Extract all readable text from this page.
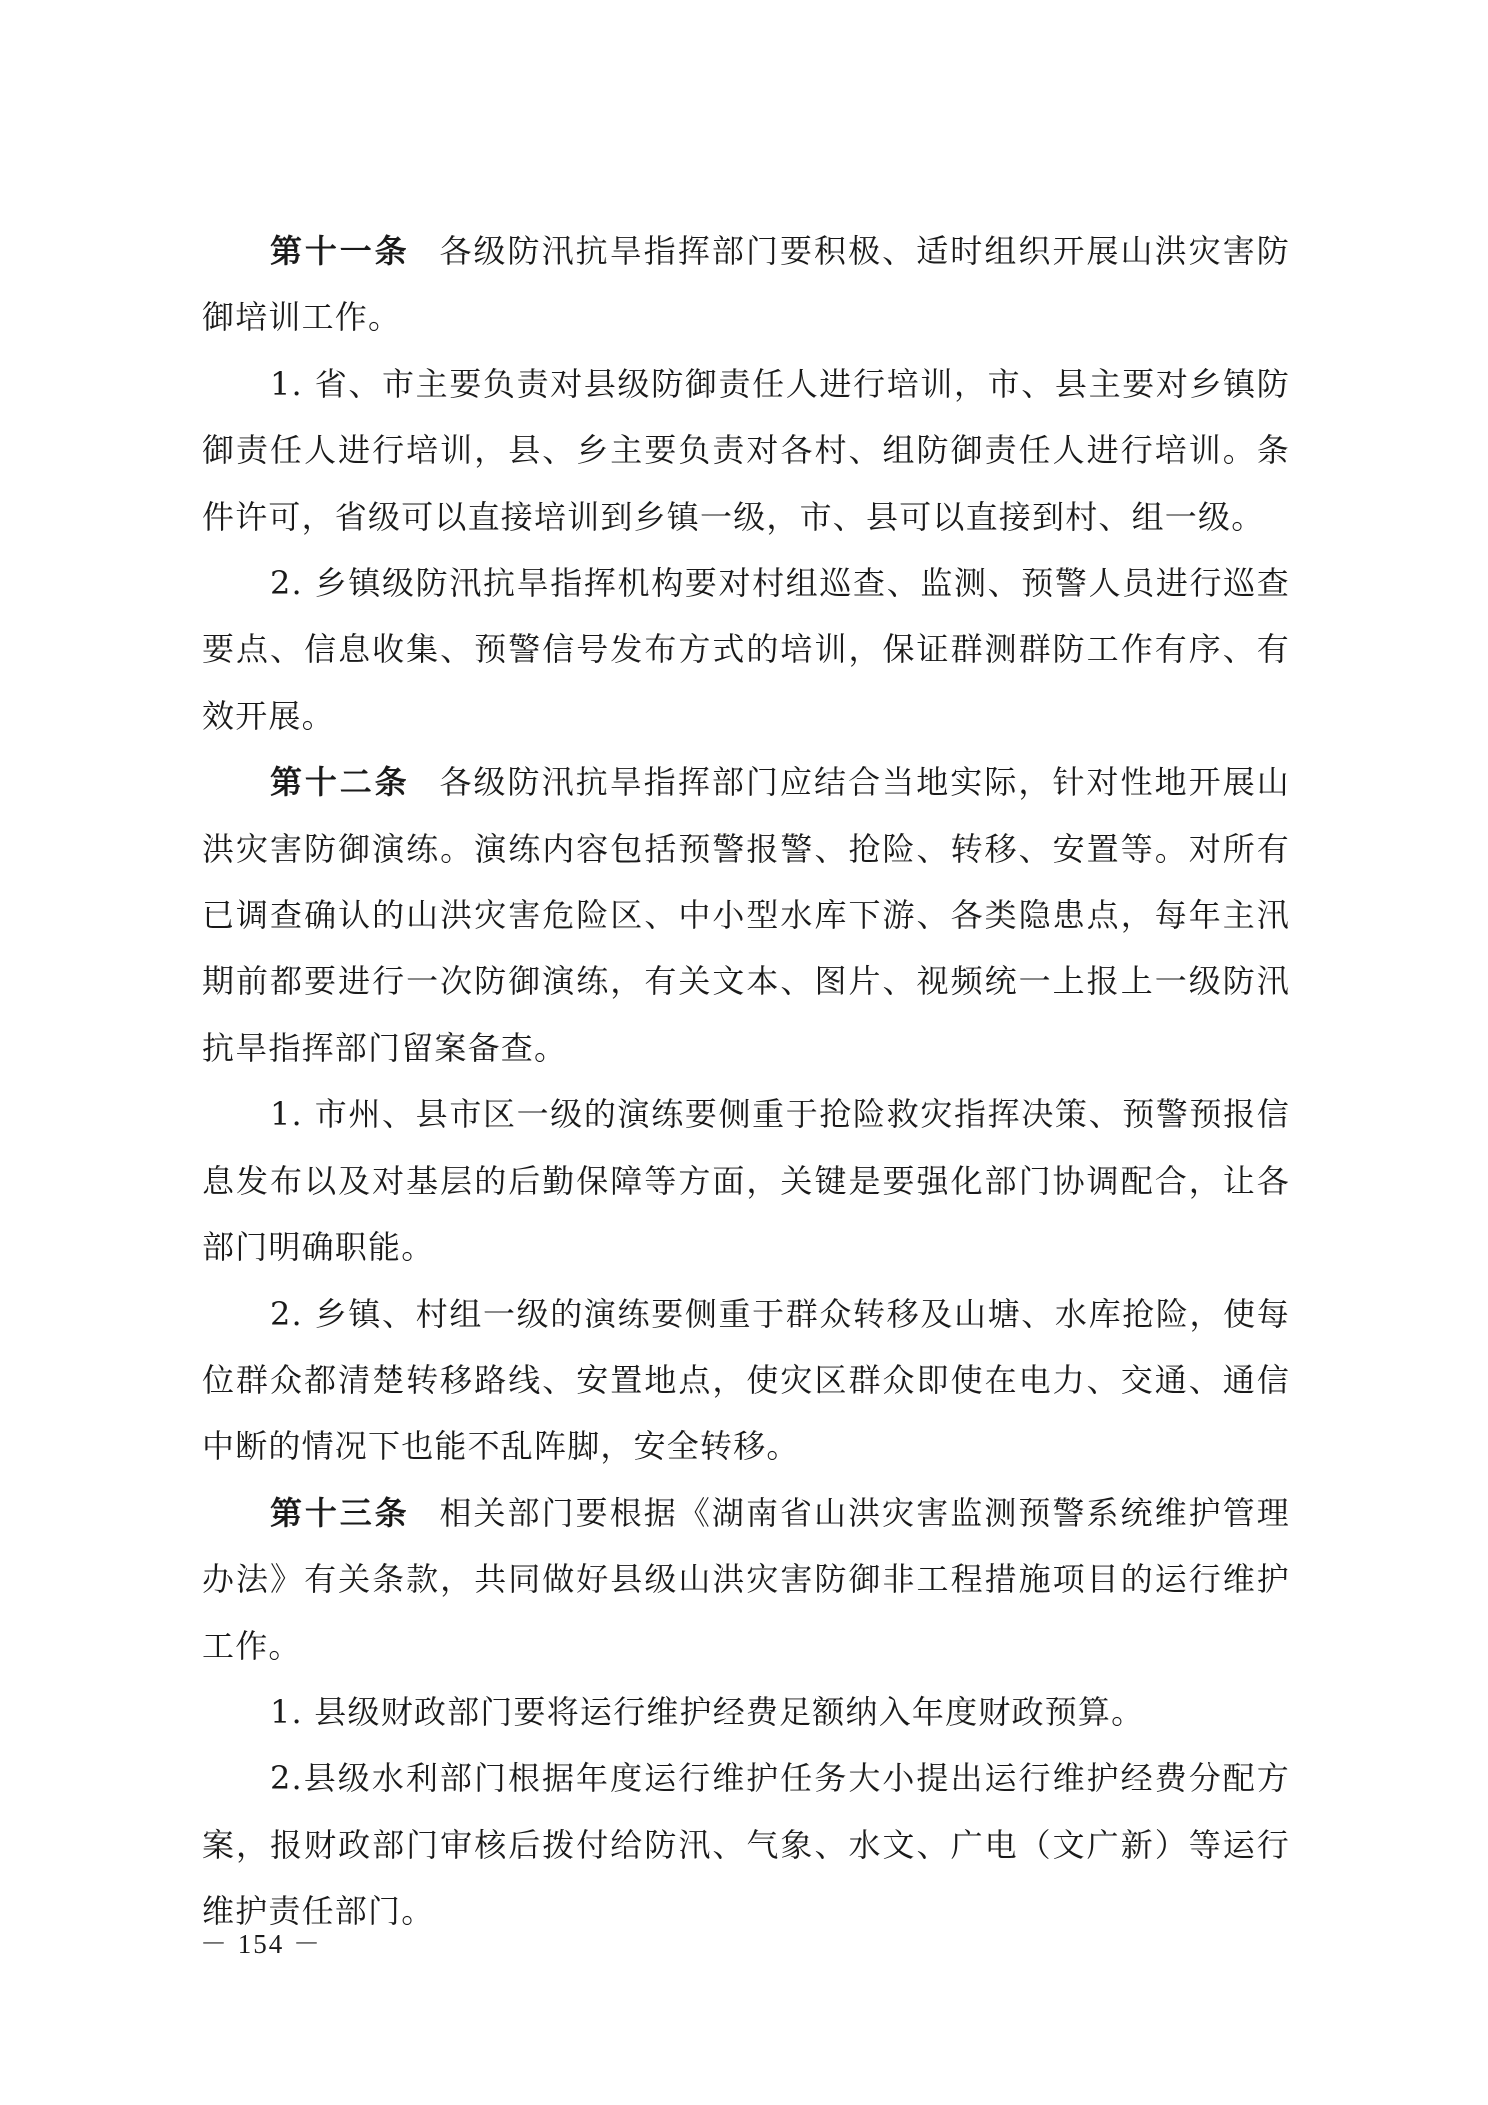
第十一条 各级防汛抗旱指挥部门要积极、适时组织开展山洪灾害防御培训工作。

1. 省、市主要负责对县级防御责任人进行培训，市、县主要对乡镇防御责任人进行培训，县、乡主要负责对各村、组防御责任人进行培训。条件许可，省级可以直接培训到乡镇一级，市、县可以直接到村、组一级。

2. 乡镇级防汛抗旱指挥机构要对村组巡查、监测、预警人员进行巡查要点、信息收集、预警信号发布方式的培训，保证群测群防工作有序、有效开展。

第十二条 各级防汛抗旱指挥部门应结合当地实际，针对性地开展山洪灾害防御演练。演练内容包括预警报警、抢险、转移、安置等。对所有已调查确认的山洪灾害危险区、中小型水库下游、各类隐患点，每年主汛期前都要进行一次防御演练，有关文本、图片、视频统一上报上一级防汛抗旱指挥部门留案备查。

1. 市州、县市区一级的演练要侧重于抢险救灾指挥决策、预警预报信息发布以及对基层的后勤保障等方面，关键是要强化部门协调配合，让各部门明确职能。

2. 乡镇、村组一级的演练要侧重于群众转移及山塘、水库抢险，使每位群众都清楚转移路线、安置地点，使灾区群众即使在电力、交通、通信中断的情况下也能不乱阵脚，安全转移。

第十三条 相关部门要根据《湖南省山洪灾害监测预警系统维护管理办法》有关条款，共同做好县级山洪灾害防御非工程措施项目的运行维护工作。

1. 县级财政部门要将运行维护经费足额纳入年度财政预算。

2.县级水利部门根据年度运行维护任务大小提出运行维护经费分配方案，报财政部门审核后拨付给防汛、气象、水文、广电（文广新）等运行维护责任部门。

－ 154 －
